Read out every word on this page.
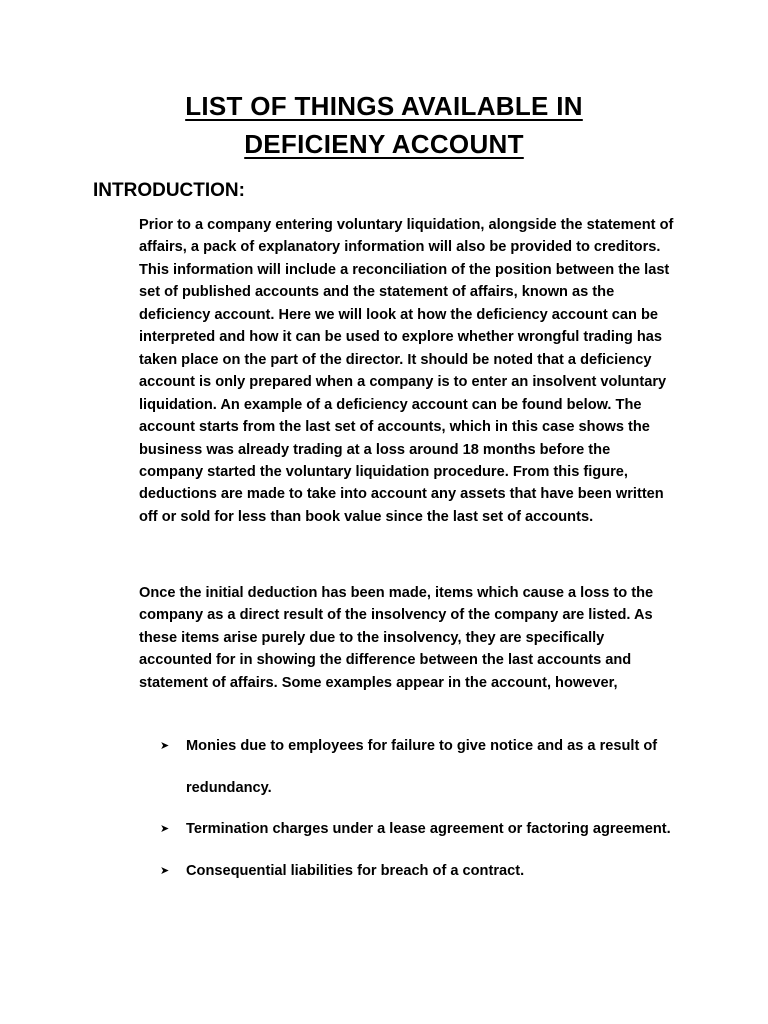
LIST OF THINGS AVAILABLE IN
DEFICIENY ACCOUNT
INTRODUCTION:

Prior to a company entering voluntary liquidation, alongside the statement of affairs, a pack of explanatory information will also be provided to creditors. This information will include a reconciliation of the position between the last set of published accounts and the statement of affairs, known as the deficiency account. Here we will look at how the deficiency account can be interpreted and how it can be used to explore whether wrongful trading has taken place on the part of the director. It should be noted that a deficiency account is only prepared when a company is to enter an insolvent voluntary liquidation. An example of a deficiency account can be found below. The account starts from the last set of accounts, which in this case shows the business was already trading at a loss around 18 months before the company started the voluntary liquidation procedure. From this figure, deductions are made to take into account any assets that have been written off or sold for less than book value since the last set of accounts.

Once the initial deduction has been made, items which cause a loss to the company as a direct result of the insolvency of the company are listed. As these items arise purely due to the insolvency, they are specifically accounted for in showing the difference between the last accounts and statement of affairs. Some examples appear in the account, however,

➤ Monies due to employees for failure to give notice and as a result of redundancy.
➤ Termination charges under a lease agreement or factoring agreement.
➤ Consequential liabilities for breach of a contract.
